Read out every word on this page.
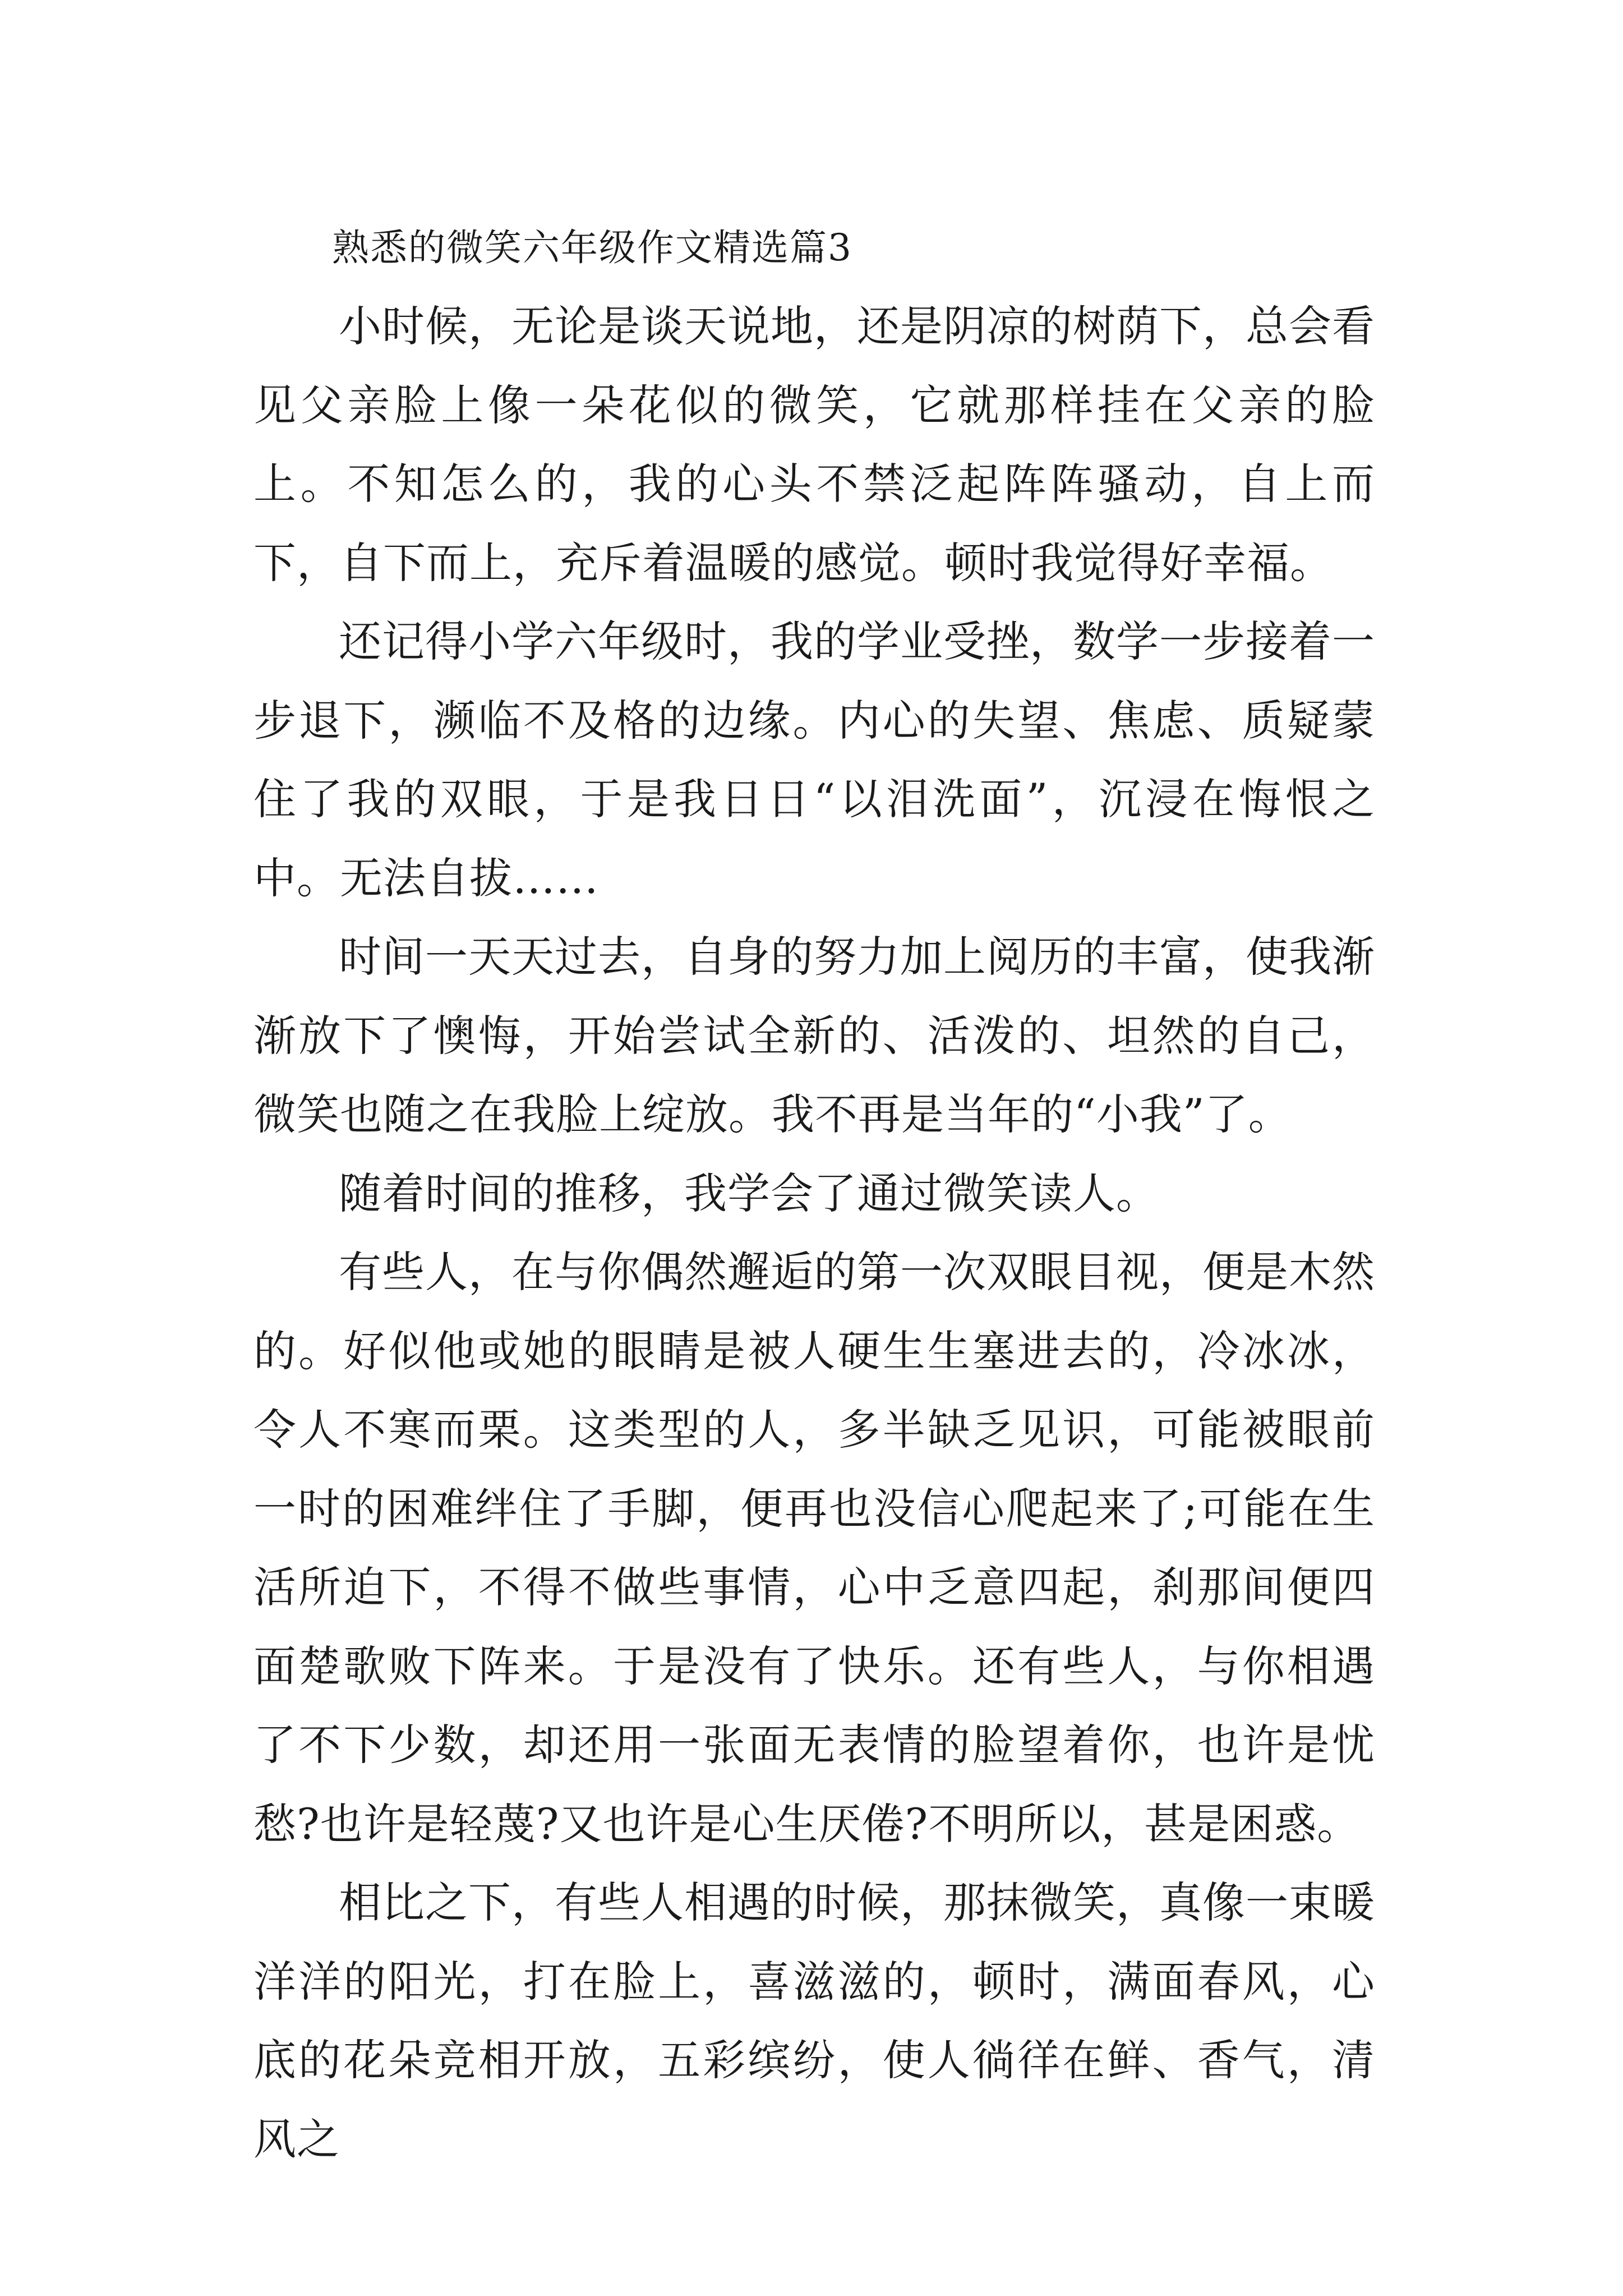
熟悉的微笑六年级作文精选篇3

小时候，无论是谈天说地，还是阴凉的树荫下，总会看见父亲脸上像一朵花似的微笑，它就那样挂在父亲的脸上。不知怎么的，我的心头不禁泛起阵阵骚动，自上而下，自下而上，充斥着温暖的感觉。顿时我觉得好幸福。

还记得小学六年级时，我的学业受挫，数学一步接着一步退下，濒临不及格的边缘。内心的失望、焦虑、质疑蒙住了我的双眼，于是我日日“以泪洗面”，沉浸在悔恨之中。无法自拔……

时间一天天过去，自身的努力加上阅历的丰富，使我渐渐放下了懊悔，开始尝试全新的、活泼的、坦然的自己，微笑也随之在我脸上绽放。我不再是当年的“小我”了。

随着时间的推移，我学会了通过微笑读人。

有些人，在与你偶然邂逅的第一次双眼目视，便是木然的。好似他或她的眼睛是被人硬生生塞进去的，冷冰冰，令人不寒而栗。这类型的人，多半缺乏见识，可能被眼前一时的困难绊住了手脚，便再也没信心爬起来了;可能在生活所迫下，不得不做些事情，心中乏意四起，刹那间便四面楚歌败下阵来。于是没有了快乐。还有些人，与你相遇了不下少数，却还用一张面无表情的脸望着你，也许是忧愁?也许是轻蔑?又也许是心生厌倦?不明所以，甚是困惑。

相比之下，有些人相遇的时候，那抹微笑，真像一束暖洋洋的阳光，打在脸上，喜滋滋的，顿时，满面春风，心底的花朵竞相开放，五彩缤纷，使人徜徉在鲜、香气，清风之
